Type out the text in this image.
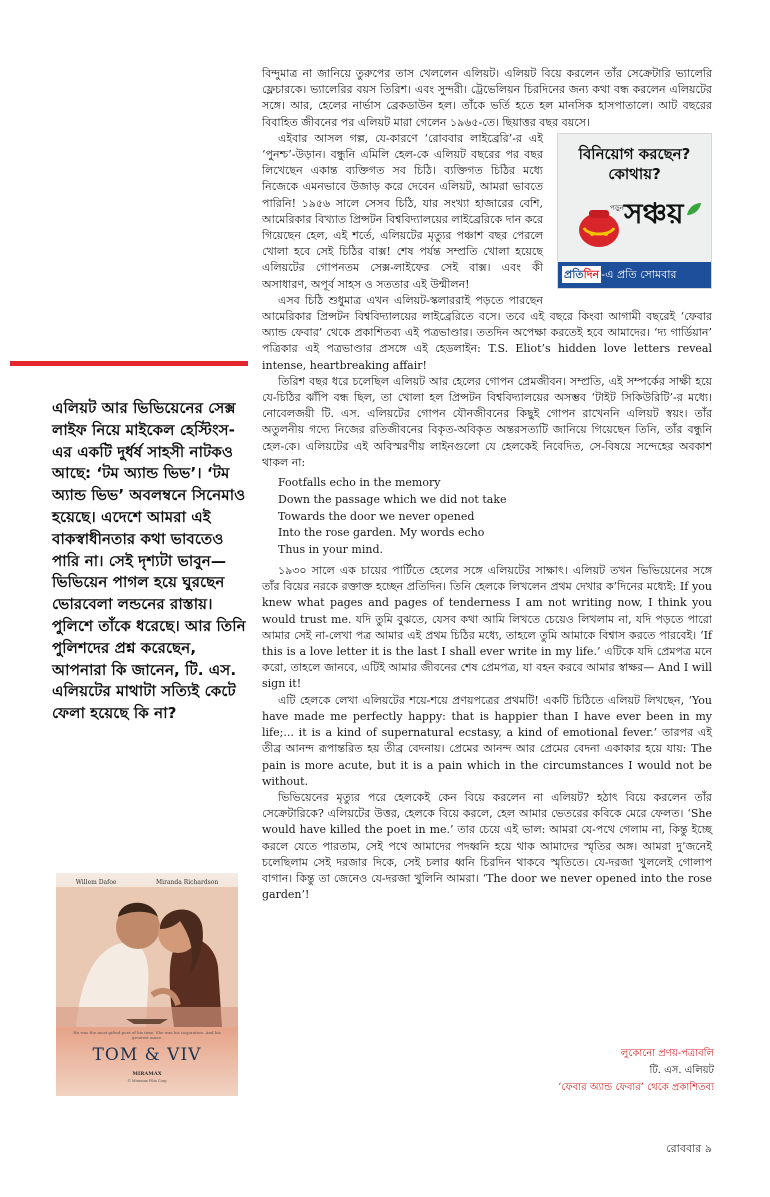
এলিয়ট আর ভিভিয়েনের সেক্স লাইফ নিয়ে মাইকেল হেস্টিংস-এর একটি দুর্ধর্ষ সাহসী নাটকও আছে: ‘টম অ্যান্ড ভিভ’। ‘টম অ্যান্ড ভিভ’ অবলম্বনে সিনেমাও হয়েছে। এদেশে আমরা এই বাকস্বাধীনতার কথা ভাবতেও পারি না। সেই দৃশ্যটা ভাবুন— ভিভিয়েন পাগল হয়ে ঘুরছেন ভোরবেলা লন্ডনের রাস্তায়। পুলিশে তাঁকে ধরেছে। আর তিনি পুলিশদের প্রশ্ন করেছেন, আপনারা কি জানেন, টি. এস. এলিয়টের মাথাটা সত্যিই কেটে ফেলা হয়েছে কি না?

Willem Dafoe	Miranda Richardson
He was the most gifted poet of his time. She was his inspiration. And his greatest muse.
TOM & VIV
MIRAMAX
© Miramax Film Corp

বিন্দুমাত্র না জানিয়ে তুরুপের তাস খেললেন এলিয়ট। এলিয়ট বিয়ে করলেন তাঁর সেক্রেটারি ভ্যালেরি ফ্লেচারকে। ভ্যালেরির বয়স তিরিশ। এবং সুন্দরী। ট্রেভেলিয়ন চিরদিনের জন্য কথা বন্ধ করলেন এলিয়টের সঙ্গে। আর, হেলের নার্ভাস ব্রেকডাউন হল। তাঁকে ভর্তি হতে হল মানসিক হাসপাতালে। আট বছরের বিবাহিত জীবনের পর এলিয়ট মারা গেলেন ১৯৬৫-তে। ছিয়াত্তর বছর বয়সে।

বিনিয়োগ করছেন?
কোথায়?
পড়ুন সঞ্চয়
প্রতিদিন -এ প্রতি সোমবার

এইবার আসল গল্প, যে-কারণে ‘রোববার লাইব্রেরি’-র এই ‘পুনশ্চ’-উড়ান। বন্ধুনি এমিলি হেল-কে এলিয়ট বছরের পর বছর লিখেছেন একান্ত ব্যক্তিগত সব চিঠি। ব্যক্তিগত চিঠির মধ্যে নিজেকে এমনভাবে উজাড় করে দেবেন এলিয়ট, আমরা ভাবতে পারিনি! ১৯৫৬ সালে সেসব চিঠি, যার সংখ্যা হাজারের বেশি, আমেরিকার বিখ্যাত প্রিন্সটন বিশ্ববিদ্যালয়ের লাইব্রেরিকে দান করে গিয়েছেন হেল, এই শর্তে, এলিয়টের মৃত্যুর পঞ্চাশ বছর পেরলে খোলা হবে সেই চিঠির বাক্স! শেষ পর্যন্ত সম্প্রতি খোলা হয়েছে এলিয়টের গোপনতম সেক্স-লাইফের সেই বাক্স। এবং কী অসাধারণ, অপূর্ব সাহস ও সততার এই উন্মীলন!

এসব চিঠি শুধুমাত্র এখন এলিয়ট-স্কলাররাই পড়তে পারছেন আমেরিকার প্রিন্সটন বিশ্ববিদ্যালয়ের লাইব্রেরিতে বসে। তবে এই বছরে কিংবা আগামী বছরেই ‘ফেবার অ্যান্ড ফেবার’ থেকে প্রকাশিতব্য এই পত্রভাণ্ডার। ততদিন অপেক্ষা করতেই হবে আমাদের। ‘দ্য গার্ডিয়ান’ পত্রিকার এই পত্রভাণ্ডার প্রসঙ্গে এই হেডলাইন: T.S. Eliot’s hidden love letters reveal intense, heartbreaking affair!

তিরিশ বছর ধরে চলেছিল এলিয়ট আর হেলের গোপন প্রেমজীবন। সম্প্রতি, এই সম্পর্কের সাক্ষী হয়ে যে-চিঠির ঝাঁপি বন্ধ ছিল, তা খোলা হল প্রিন্সটন বিশ্ববিদ্যালয়ের অসম্ভব ‘টাইট সিকিউরিটি’-র মধ্যে। নোবেলজয়ী টি. এস. এলিয়টের গোপন যৌনজীবনের কিছুই গোপন রাখেননি এলিয়ট স্বয়ং। তাঁর অতুলনীয় গদ্যে নিজের রতিজীবনের বিকৃত-অবিকৃত অন্তরসত্যটি জানিয়ে গিয়েছেন তিনি, তাঁর বন্ধুনি হেল-কে। এলিয়টের এই অবিস্মরণীয় লাইনগুলো যে হেলকেই নিবেদিত, সে-বিষয়ে সন্দেহের অবকাশ থাকল না:

Footfalls echo in the memory
Down the passage which we did not take
Towards the door we never opened
Into the rose garden. My words echo
Thus in your mind.

১৯৩০ সালে এক চায়ের পার্টিতে হেলের সঙ্গে এলিয়টের সাক্ষাৎ। এলিয়ট তখন ভিভিয়েনের সঙ্গে তাঁর বিয়ের নরকে রক্তাক্ত হচ্ছেন প্রতিদিন। তিনি হেলকে লিখলেন প্রথম দেখার ক’দিনের মধ্যেই: If you knew what pages and pages of tenderness I am not writing now, I think you would trust me. যদি তুমি বুঝতে, যেসব কথা আমি লিখতে চেয়েও লিখলাম না, যদি পড়তে পারো আমার সেই না-লেখা পত্র আমার এই প্রথম চিঠির মধ্যে, তাহলে তুমি আমাকে বিশ্বাস করতে পারবেই। ‘If this is a love letter it is the last I shall ever write in my life.’ এটিকে যদি প্রেমপত্র মনে করো, তাহলে জানবে, এটিই আমার জীবনের শেষ প্রেমপত্র, যা বহন করবে আমার স্বাক্ষর— And I will sign it!

এটি হেলকে লেখা এলিয়টের শয়ে-শয়ে প্রণয়পত্রের প্রথমটি! একটি চিঠিতে এলিয়ট লিখছেন, ‘You have made me perfectly happy: that is happier than I have ever been in my life;... it is a kind of supernatural ecstasy, a kind of emotional fever.’ তারপর এই তীব্র আনন্দ রূপান্তরিত হয় তীব্র বেদনায়। প্রেমের আনন্দ আর প্রেমের বেদনা একাকার হয়ে যায়: The pain is more acute, but it is a pain which in the circumstances I would not be without.

ভিভিয়েনের মৃত্যুর পরে হেলকেই কেন বিয়ে করলেন না এলিয়ট? হঠাৎ বিয়ে করলেন তাঁর সেক্রেটারিকে? এলিয়টের উত্তর, হেলকে বিয়ে করলে, হেল আমার ভেতরের কবিকে মেরে ফেলত। ‘She would have killed the poet in me.’ তার চেয়ে এই ভাল: আমরা যে-পথে গেলাম না, কিন্তু ইচ্ছে করলে যেতে পারতাম, সেই পথে আমাদের পদধ্বনি হয়ে থাক আমাদের স্মৃতির অঙ্গ। আমরা দু’জনেই চলেছিলাম সেই দরজার দিকে, সেই চলার ধ্বনি চিরদিন থাকবে স্মৃতিতে। যে-দরজা খুললেই গোলাপ বাগান। কিন্তু তা জেনেও যে-দরজা খুলিনি আমরা। ‘The door we never opened into the rose garden’!

লুকোনো প্রণয়-পত্রাবলি
টি. এস. এলিয়ট
‘ফেবার অ্যান্ড ফেবার’ থেকে প্রকাশিতব্য
রোববার ৯
